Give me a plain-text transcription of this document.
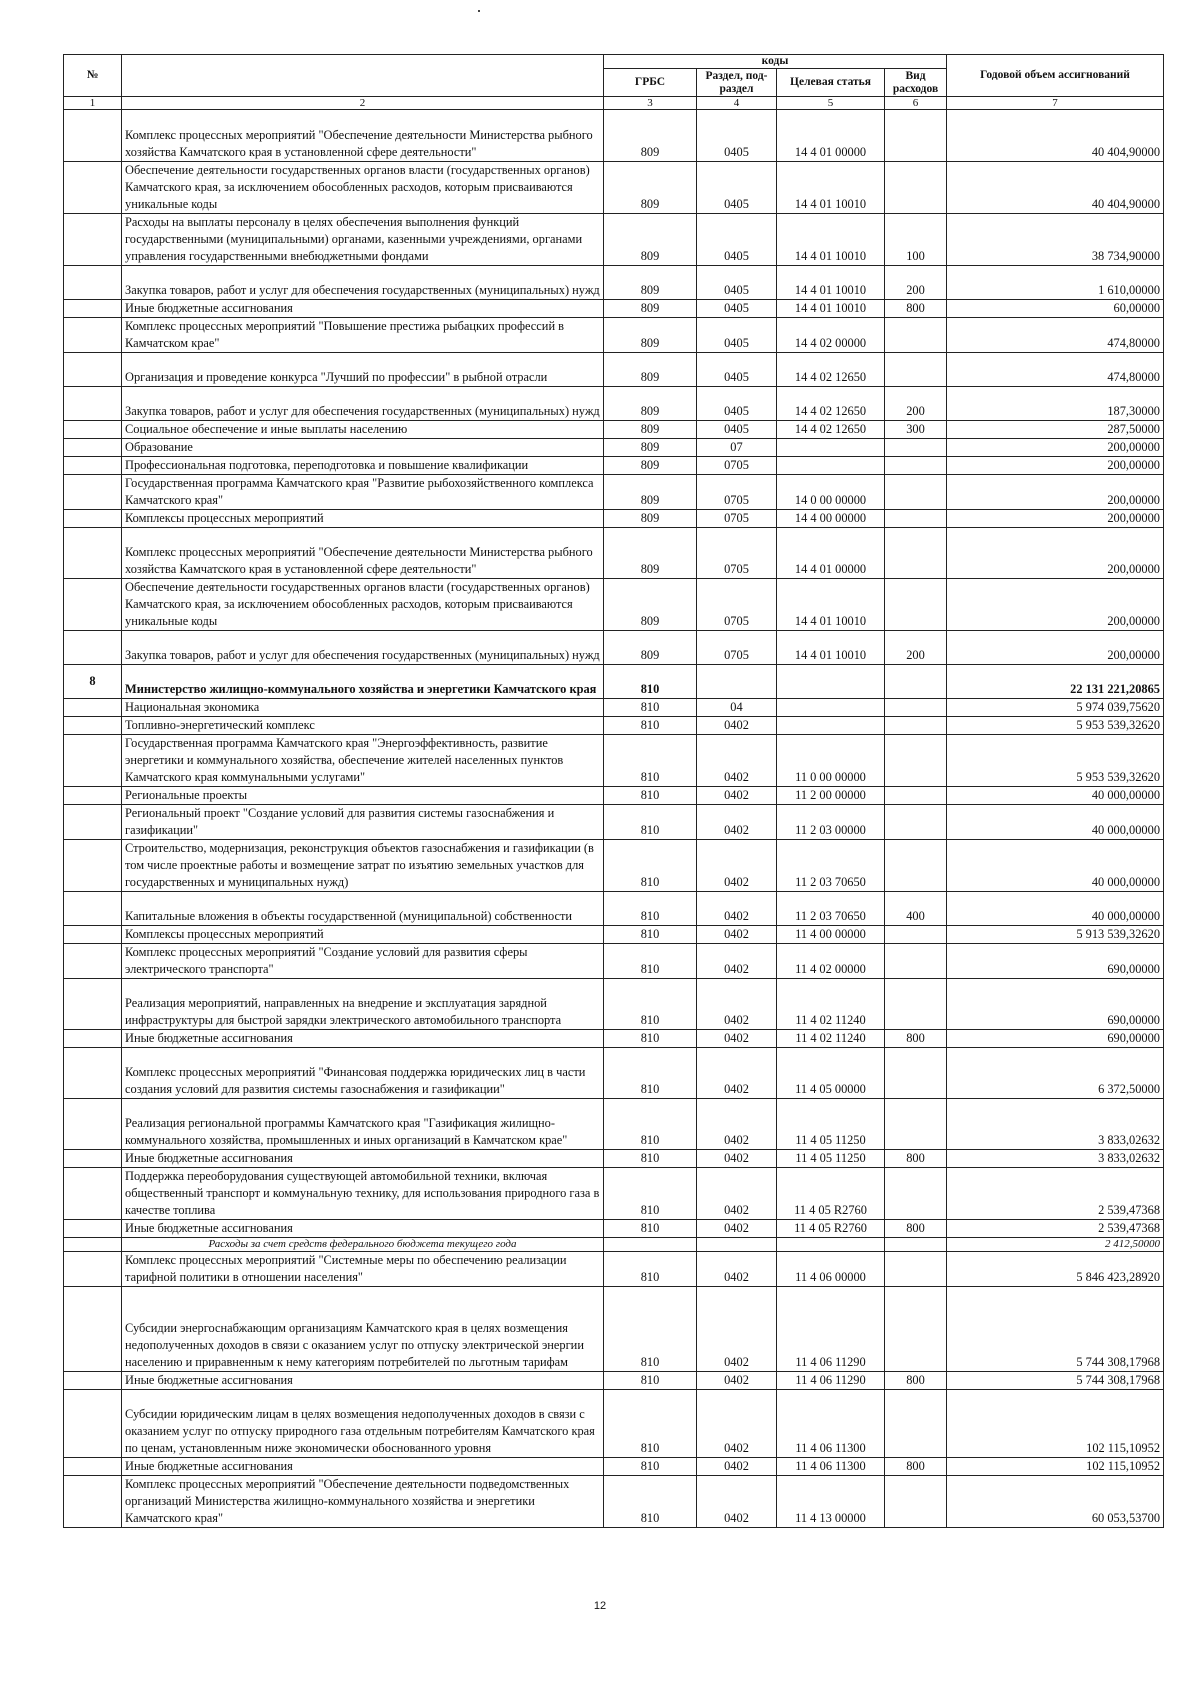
№		коды				Годовой объем ассигнований
		ГРБС	Раздел, под-раздел	Целевая статья	Вид расходов	
1	2	3	4	5	6	7
	Комплекс процессных мероприятий "Обеспечение деятельности Министерства рыбного хозяйства Камчатского края в установленной сфере деятельности"	809	0405	14 4 01 00000		40 404,90000
	Обеспечение деятельности государственных органов власти (государственных органов) Камчатского края, за исключением обособленных расходов, которым присваиваются уникальные коды	809	0405	14 4 01 10010		40 404,90000
	Расходы на выплаты персоналу в целях обеспечения выполнения функций государственными (муниципальными) органами, казенными учреждениями, органами управления государственными внебюджетными фондами	809	0405	14 4 01 10010	100	38 734,90000
	Закупка товаров, работ и услуг для обеспечения государственных (муниципальных) нужд	809	0405	14 4 01 10010	200	1 610,00000
	Иные бюджетные ассигнования	809	0405	14 4 01 10010	800	60,00000
	Комплекс процессных мероприятий "Повышение престижа рыбацких профессий в Камчатском крае"	809	0405	14 4 02 00000		474,80000
	Организация и проведение конкурса "Лучший по профессии" в рыбной отрасли	809	0405	14 4 02 12650		474,80000
	Закупка товаров, работ и услуг для обеспечения государственных (муниципальных) нужд	809	0405	14 4 02 12650	200	187,30000
	Социальное обеспечение и иные выплаты населению	809	0405	14 4 02 12650	300	287,50000
	Образование	809	07			200,00000
	Профессиональная подготовка, переподготовка и повышение квалификации	809	0705			200,00000
	Государственная программа Камчатского края "Развитие рыбохозяйственного комплекса Камчатского края"	809	0705	14 0 00 00000		200,00000
	Комплексы процессных мероприятий	809	0705	14 4 00 00000		200,00000
	Комплекс процессных мероприятий "Обеспечение деятельности Министерства рыбного хозяйства Камчатского края в установленной сфере деятельности"	809	0705	14 4 01 00000		200,00000
	Обеспечение деятельности государственных органов власти (государственных органов) Камчатского края, за исключением обособленных расходов, которым присваиваются уникальные коды	809	0705	14 4 01 10010		200,00000
	Закупка товаров, работ и услуг для обеспечения государственных (муниципальных) нужд	809	0705	14 4 01 10010	200	200,00000
8	Министерство жилищно-коммунального хозяйства и энергетики Камчатского края	810				22 131 221,20865
	Национальная экономика	810	04			5 974 039,75620
	Топливно-энергетический комплекс	810	0402			5 953 539,32620
	Государственная программа Камчатского края "Энергоэффективность, развитие энергетики и коммунального хозяйства, обеспечение жителей населенных пунктов Камчатского края коммунальными услугами"	810	0402	11 0 00 00000		5 953 539,32620
	Региональные проекты	810	0402	11 2 00 00000		40 000,00000
	Региональный проект "Создание условий для развития системы газоснабжения и газификации"	810	0402	11 2 03 00000		40 000,00000
	Строительство, модернизация, реконструкция объектов газоснабжения и газификации (в том числе проектные работы и возмещение затрат по изъятию земельных участков для государственных и муниципальных нужд)	810	0402	11 2 03 70650		40 000,00000
	Капитальные вложения в объекты государственной (муниципальной) собственности	810	0402	11 2 03 70650	400	40 000,00000
	Комплексы процессных мероприятий	810	0402	11 4 00 00000		5 913 539,32620
	Комплекс процессных мероприятий "Создание условий для развития сферы электрического транспорта"	810	0402	11 4 02 00000		690,00000
	Реализация мероприятий, направленных на внедрение и эксплуатация зарядной инфраструктуры для быстрой зарядки электрического автомобильного транспорта	810	0402	11 4 02 11240		690,00000
	Иные бюджетные ассигнования	810	0402	11 4 02 11240	800	690,00000
	Комплекс процессных мероприятий "Финансовая поддержка юридических лиц в части создания условий для развития системы газоснабжения и газификации"	810	0402	11 4 05 00000		6 372,50000
	Реализация региональной программы Камчатского края "Газификация жилищно-коммунального хозяйства, промышленных и иных организаций в Камчатском крае"	810	0402	11 4 05 11250		3 833,02632
	Иные бюджетные ассигнования	810	0402	11 4 05 11250	800	3 833,02632
	Поддержка переоборудования существующей автомобильной техники, включая общественный транспорт и коммунальную технику, для использования природного газа в качестве топлива	810	0402	11 4 05 R2760		2 539,47368
	Иные бюджетные ассигнования	810	0402	11 4 05 R2760	800	2 539,47368
	Расходы за счет средств федерального бюджета текущего года					2 412,50000
	Комплекс процессных мероприятий "Системные меры по обеспечению реализации тарифной политики в отношении населения"	810	0402	11 4 06 00000		5 846 423,28920
	Субсидии энергоснабжающим организациям Камчатского края в целях возмещения недополученных доходов в связи с оказанием услуг по отпуску электрической энергии населению и приравненным к нему категориям потребителей по льготным тарифам	810	0402	11 4 06 11290		5 744 308,17968
	Иные бюджетные ассигнования	810	0402	11 4 06 11290	800	5 744 308,17968
	Субсидии юридическим лицам в целях возмещения недополученных доходов в связи с оказанием услуг по отпуску природного газа отдельным потребителям Камчатского края по ценам, установленным ниже экономически обоснованного уровня	810	0402	11 4 06 11300		102 115,10952
	Иные бюджетные ассигнования	810	0402	11 4 06 11300	800	102 115,10952
	Комплекс процессных мероприятий "Обеспечение деятельности подведомственных организаций Министерства жилищно-коммунального хозяйства и энергетики Камчатского края"	810	0402	11 4 13 00000		60 053,53700
12
